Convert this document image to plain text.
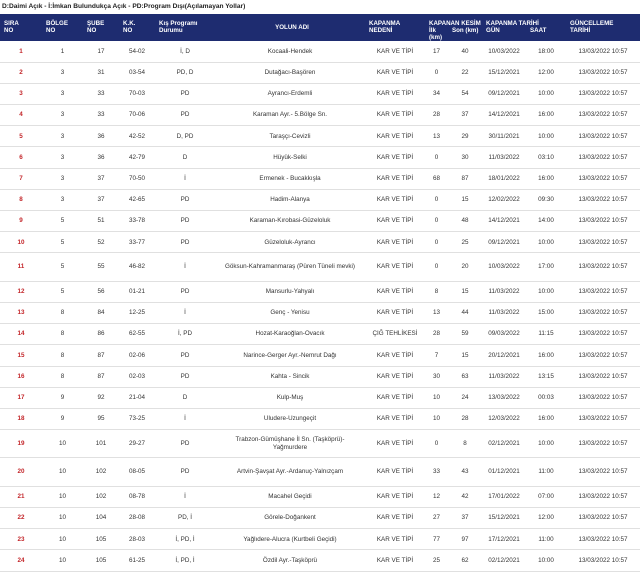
D:Daimi Açık - İ:İmkan Bulundukça Açık - PD:Program Dışı(Açılamayan Yollar)
SIRA	BÖLGE	ŞUBE	K.K.	Kış Programı	YOLUN ADI	KAPANMA	KAPANAN KESİM		KAPANMA TARİHİ		GÜNCELLEME
NO	NO	NO	NO	Durumu		NEDENİ	İlk (km)	Son (km)	GÜN	SAAT	TARİHİ
1	1	17	54-02	İ, D	Kocaali-Hendek	KAR VE TİPİ	17	40	10/03/2022	18:00	13/03/2022 10:57
2	3	31	03-54	PD, D	Dutağacı-Başören	KAR VE TİPİ	0	22	15/12/2021	12:00	13/03/2022 10:57
3	3	33	70-03	PD	Ayrancı-Erdemli	KAR VE TİPİ	34	54	09/12/2021	10:00	13/03/2022 10:57
4	3	33	70-06	PD	Karaman Ayr.- 5.Bölge Sn.	KAR VE TİPİ	28	37	14/12/2021	16:00	13/03/2022 10:57
5	3	36	42-52	D, PD	Taraşçı-Cevizli	KAR VE TİPİ	13	29	30/11/2021	10:00	13/03/2022 10:57
6	3	36	42-79	D	Hüyük-Selki	KAR VE TİPİ	0	30	11/03/2022	03:10	13/03/2022 10:57
7	3	37	70-50	İ	Ermenek - Bucakkışla	KAR VE TİPİ	68	87	18/01/2022	16:00	13/03/2022 10:57
8	3	37	42-65	PD	Hadim-Alanya	KAR VE TİPİ	0	15	12/02/2022	09:30	13/03/2022 10:57
9	5	51	33-78	PD	Karaman-Kırobasi-Güzeloluk	KAR VE TİPİ	0	48	14/12/2021	14:00	13/03/2022 10:57
10	5	52	33-77	PD	Güzeloluk-Ayrancı	KAR VE TİPİ	0	25	09/12/2021	10:00	13/03/2022 10:57
11	5	55	46-82	İ	Göksun-Kahramanmaraş (Püren Tüneli mevki)	KAR VE TİPİ	0	20	10/03/2022	17:00	13/03/2022 10:57
12	5	56	01-21	PD	Mansurlu-Yahyalı	KAR VE TİPİ	8	15	11/03/2022	10:00	13/03/2022 10:57
13	8	84	12-25	İ	Genç - Yenisu	KAR VE TİPİ	13	44	11/03/2022	15:00	13/03/2022 10:57
14	8	86	62-55	İ, PD	Hozat-Karaoğlan-Ovacık	ÇIĞ TEHLİKESİ	28	59	09/03/2022	11:15	13/03/2022 10:57
15	8	87	02-06	PD	Narince-Gerger Ayr.-Nemrut Dağı	KAR VE TİPİ	7	15	20/12/2021	16:00	13/03/2022 10:57
16	8	87	02-03	PD	Kahta - Sincik	KAR VE TİPİ	30	63	11/03/2022	13:15	13/03/2022 10:57
17	9	92	21-04	D	Kulp-Muş	KAR VE TİPİ	10	24	13/03/2022	00:03	13/03/2022 10:57
18	9	95	73-25	İ	Uludere-Uzungeçit	KAR VE TİPİ	10	28	12/03/2022	16:00	13/03/2022 10:57
19	10	101	29-27	PD	Trabzon-Gümüşhane İl Sn. (Taşköprü)-Yağmurdere	KAR VE TİPİ	0	8	02/12/2021	10:00	13/03/2022 10:57
20	10	102	08-05	PD	Artvin-Şavşat Ayr.-Ardanuç-Yalnızçam	KAR VE TİPİ	33	43	01/12/2021	11:00	13/03/2022 10:57
21	10	102	08-78	İ	Macahel Geçidi	KAR VE TİPİ	12	42	17/01/2022	07:00	13/03/2022 10:57
22	10	104	28-08	PD, İ	Görele-Doğankent	KAR VE TİPİ	27	37	15/12/2021	12:00	13/03/2022 10:57
23	10	105	28-03	İ, PD, İ	Yağlıdere-Alucra (Kurtbeli Geçidi)	KAR VE TİPİ	77	97	17/12/2021	11:00	13/03/2022 10:57
24	10	105	61-25	İ, PD, İ	Özdil Ayr.-Taşköprü	KAR VE TİPİ	25	62	02/12/2021	10:00	13/03/2022 10:57
